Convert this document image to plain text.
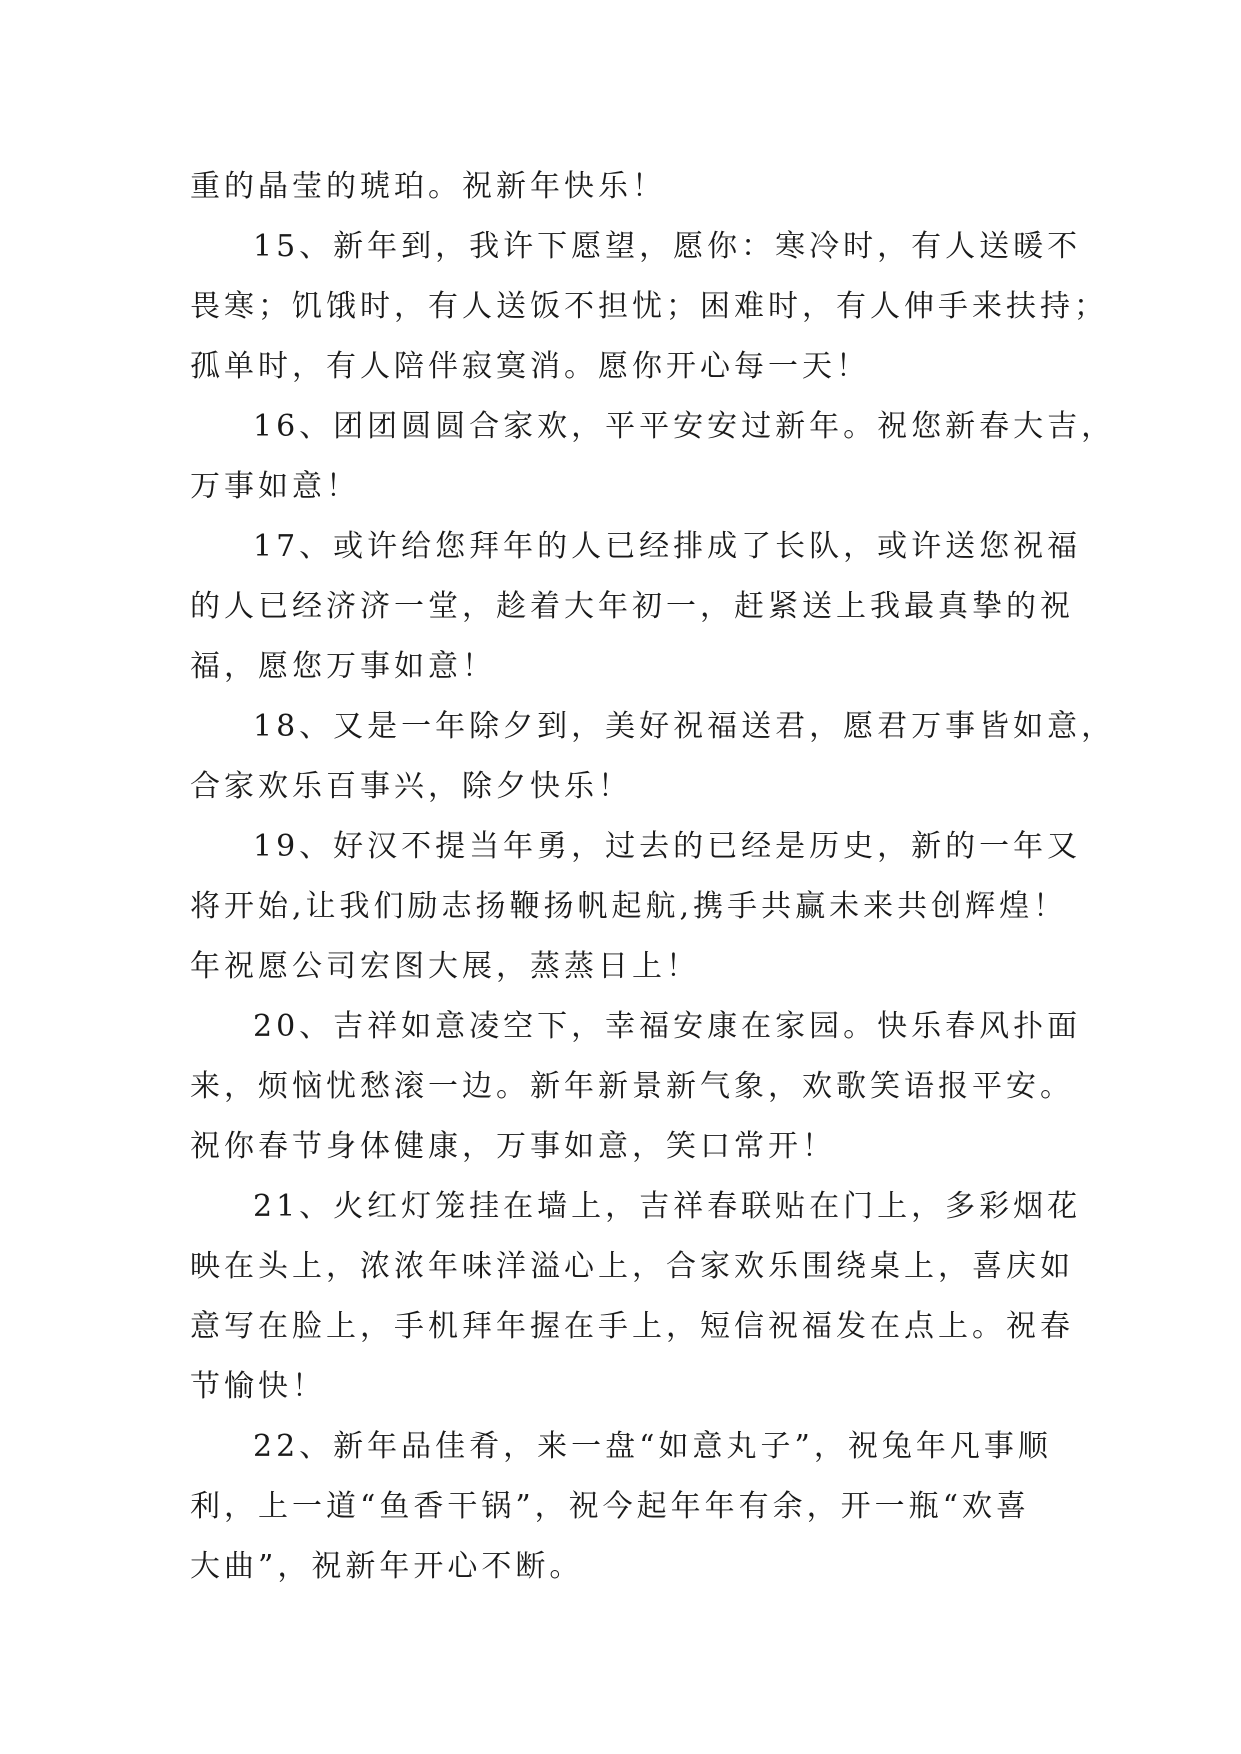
重的晶莹的琥珀。祝新年快乐！
15、新年到，我许下愿望，愿你：寒冷时，有人送暖不
畏寒；饥饿时，有人送饭不担忧；困难时，有人伸手来扶持；
孤单时，有人陪伴寂寞消。愿你开心每一天！
16、团团圆圆合家欢，平平安安过新年。祝您新春大吉，
万事如意！
17、或许给您拜年的人已经排成了长队，或许送您祝福
的人已经济济一堂，趁着大年初一，赶紧送上我最真挚的祝
福，愿您万事如意！
18、又是一年除夕到，美好祝福送君，愿君万事皆如意，
合家欢乐百事兴，除夕快乐！
19、好汉不提当年勇，过去的已经是历史，新的一年又
将开始,让我们励志扬鞭扬帆起航,携手共赢未来共创辉煌！
年祝愿公司宏图大展，蒸蒸日上！
20、吉祥如意凌空下，幸福安康在家园。快乐春风扑面
来，烦恼忧愁滚一边。新年新景新气象，欢歌笑语报平安。
祝你春节身体健康，万事如意，笑口常开！
21、火红灯笼挂在墙上，吉祥春联贴在门上，多彩烟花
映在头上，浓浓年味洋溢心上，合家欢乐围绕桌上，喜庆如
意写在脸上，手机拜年握在手上，短信祝福发在点上。祝春
节愉快！
22、新年品佳肴，来一盘“如意丸子”，祝兔年凡事顺
利，上一道“鱼香干锅”，祝今起年年有余，开一瓶“欢喜
大曲”，祝新年开心不断。
